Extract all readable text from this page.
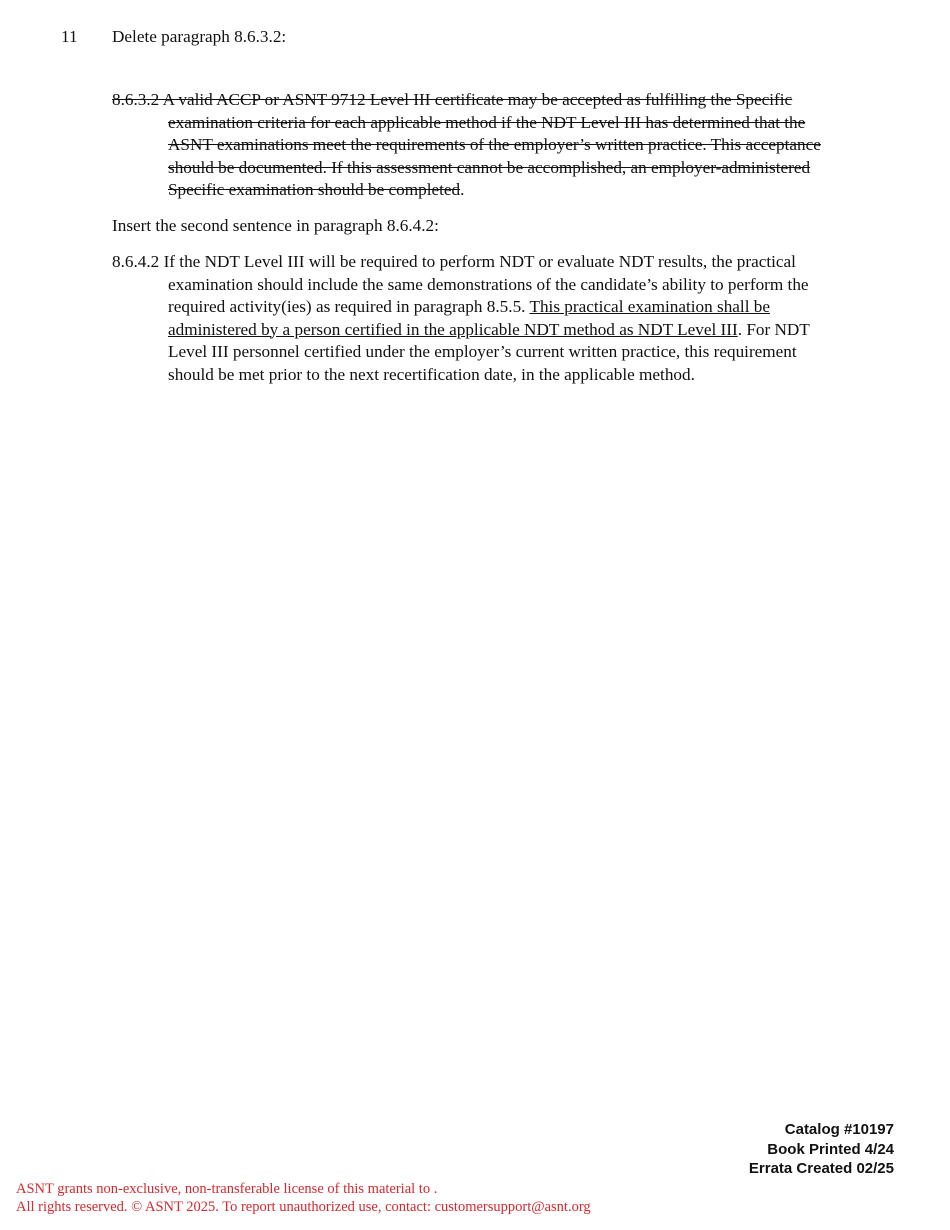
11 Delete paragraph 8.6.3.2:

8.6.3.2 A valid ACCP or ASNT 9712 Level III certificate may be accepted as fulfilling the Specific examination criteria for each applicable method if the NDT Level III has determined that the ASNT examinations meet the requirements of the employer’s written practice. This acceptance should be documented. If this assessment cannot be accomplished, an employer-administered Specific examination should be completed.

Insert the second sentence in paragraph 8.6.4.2:

8.6.4.2 If the NDT Level III will be required to perform NDT or evaluate NDT results, the practical examination should include the same demonstrations of the candidate’s ability to perform the required activity(ies) as required in paragraph 8.5.5. This practical examination shall be administered by a person certified in the applicable NDT method as NDT Level III. For NDT Level III personnel certified under the employer’s current written practice, this requirement should be met prior to the next recertification date, in the applicable method.

Catalog #10197
Book Printed 4/24
Errata Created 02/25
ASNT grants non-exclusive, non-transferable license of this material to .
All rights reserved. © ASNT 2025. To report unauthorized use, contact: customersupport@asnt.org
